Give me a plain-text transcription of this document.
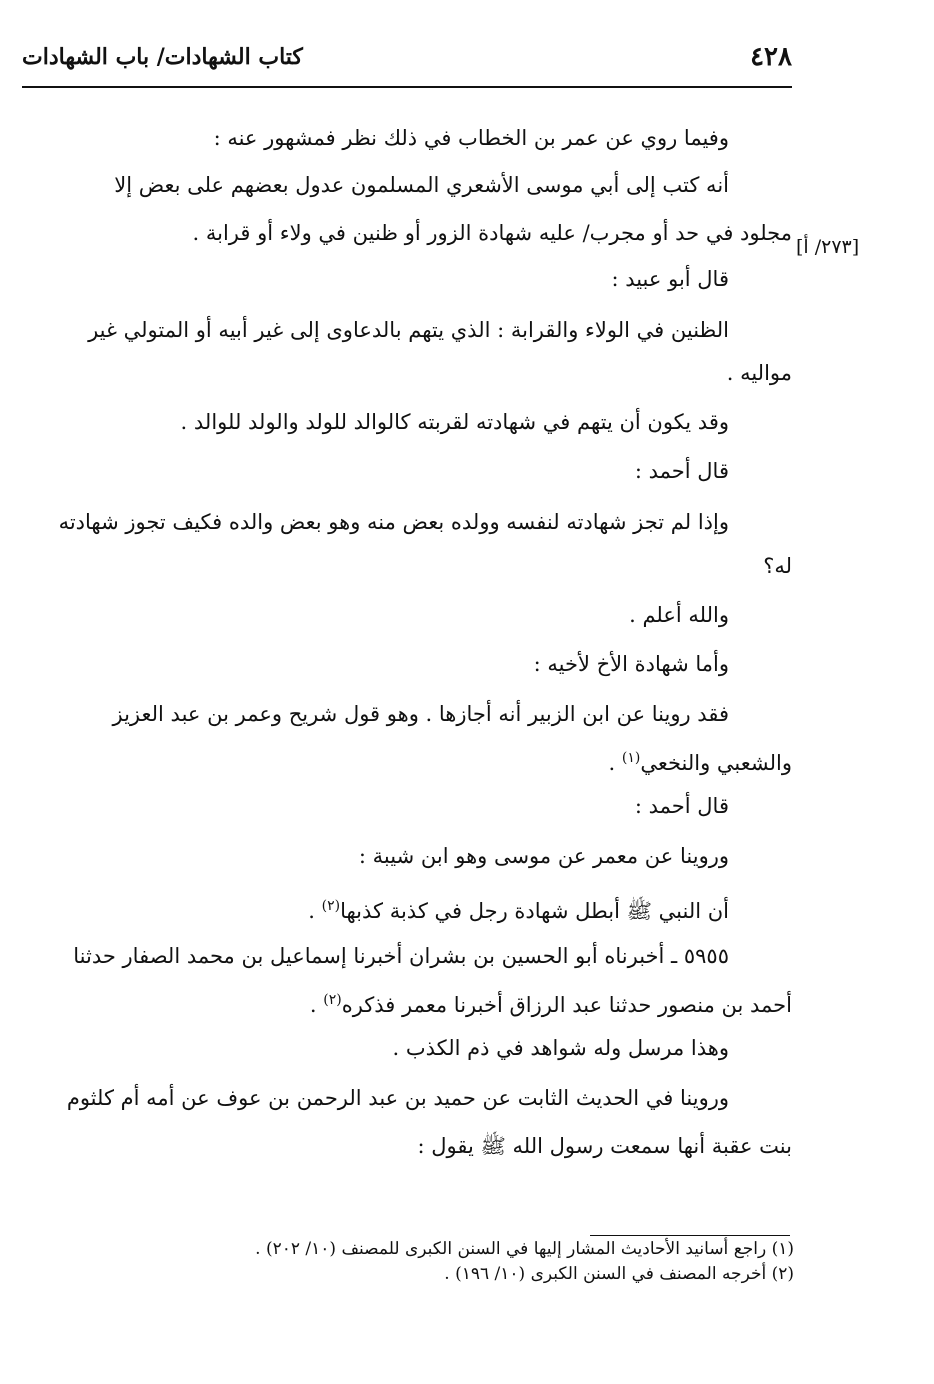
٤٢٨
كتاب الشهادات/ باب الشهادات
وفيما روي عن عمر بن الخطاب في ذلك نظر فمشهور عنه :
أنه كتب إلى أبي موسى الأشعري المسلمون عدول بعضهم على بعض إلا
[٢٧٣/ أ]
مجلود في حد أو مجرب/ عليه شهادة الزور أو ظنين في ولاء أو قرابة .
قال أبو عبيد :
الظنين في الولاء والقرابة : الذي يتهم بالدعاوى إلى غير أبيه أو المتولي غير
مواليه .
وقد يكون أن يتهم في شهادته لقربته كالوالد للولد والولد للوالد .
قال أحمد :
وإذا لم تجز شهادته لنفسه وولده بعض منه وهو بعض والده فكيف تجوز شهادته
له؟
والله أعلم .
وأما شهادة الأخ لأخيه :
فقد روينا عن ابن الزبير أنه أجازها . وهو قول شريح وعمر بن عبد العزيز
والشعبي والنخعي$^{(١)}$ .
قال أحمد :
وروينا عن معمر عن موسى وهو ابن شيبة :
أن النبي ﷺ أبطل شهادة رجل في كذبة كذبها$^{(٢)}$ .
٥٩٥٥ ـ أخبرناه أبو الحسين بن بشران أخبرنا إسماعيل بن محمد الصفار حدثنا
أحمد بن منصور حدثنا عبد الرزاق أخبرنا معمر فذكره$^{(٢)}$ .
وهذا مرسل وله شواهد في ذم الكذب .
وروينا في الحديث الثابت عن حميد بن عبد الرحمن بن عوف عن أمه أم كلثوم
بنت عقبة أنها سمعت رسول الله ﷺ يقول :
(١) راجع أسانيد الأحاديث المشار إليها في السنن الكبرى للمصنف (١٠/ ٢٠٢) .
(٢) أخرجه المصنف في السنن الكبرى (١٠/ ١٩٦) .
